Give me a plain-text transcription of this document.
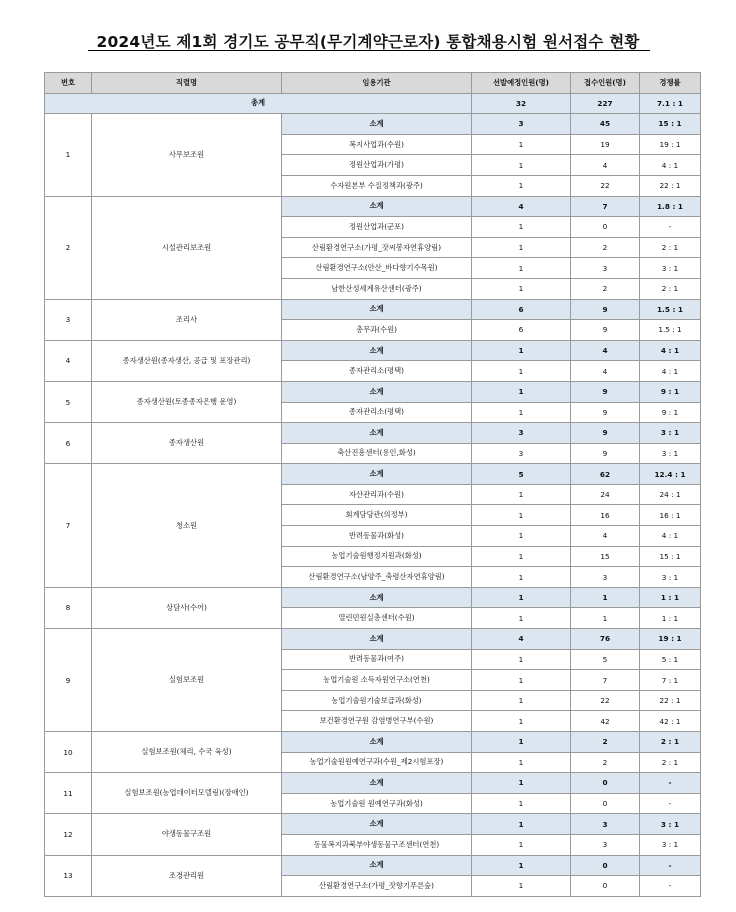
2024년도 제1회 경기도 공무직(무기계약근로자) 통합채용시험 원서접수 현황
번호	직렬명	임용기관	선발예정인원(명)	접수인원(명)	경쟁률
총계			32	227	7.1 : 1
1	사무보조원	소계	3	45	15 : 1
		복지사업과(수원)	1	19	19 : 1
		정원산업과(가평)	1	4	4 : 1
		수자원본부 수질정책과(광주)	1	22	22 : 1
2	시설관리보조원	소계	4	7	1.8 : 1
		정원산업과(군포)	1	0	-
		산림환경연구소(가평_잣씨봉자연휴양림)	1	2	2 : 1
		산림환경연구소(안산_바다향기수목원)	1	3	3 : 1
		남한산성세계유산센터(광주)	1	2	2 : 1
3	조리사	소계	6	9	1.5 : 1
		총무과(수원)	6	9	1.5 : 1
4	종자생산원(종자생산, 공급 및 포장관리)	소계	1	4	4 : 1
		종자관리소(평택)	1	4	4 : 1
5	종자생산원(토종종자은행 운영)	소계	1	9	9 : 1
		종자관리소(평택)	1	9	9 : 1
6	종자생산원	소계	3	9	3 : 1
		축산진흥센터(용인,화성)	3	9	3 : 1
7	청소원	소계	5	62	12.4 : 1
		자산관리과(수원)	1	24	24 : 1
		회계담당관(의정부)	1	16	16 : 1
		반려동물과(화성)	1	4	4 : 1
		농업기술원행정지원과(화성)	1	15	15 : 1
		산림환경연구소(남양주_축령산자연휴양림)	1	3	3 : 1
8	상담사(수어)	소계	1	1	1 : 1
		열린민원실총센터(수원)	1	1	1 : 1
9	실험보조원	소계	4	76	19 : 1
		반려동물과(여주)	1	5	5 : 1
		농업기술원 소득자원연구소(연천)	1	7	7 : 1
		농업기술원기술보급과(화성)	1	22	22 : 1
		보건환경연구원 감염병연구부(수원)	1	42	42 : 1
10	실험보조원(체리, 수국 육성)	소계	1	2	2 : 1
		농업기술원원예연구과(수원_제2시험포장)	1	2	2 : 1
11	실험보조원(농업데이터모델링)(장애인)	소계	1	0	-
		농업기술원 원예연구과(화성)	1	0	-
12	야생동물구조원	소계	1	3	3 : 1
		동물복지과북부야생동물구조센터(연천)	1	3	3 : 1
13	조경관리원	소계	1	0	-
		산림환경연구소(가평_잣향기푸른숲)	1	0	-
